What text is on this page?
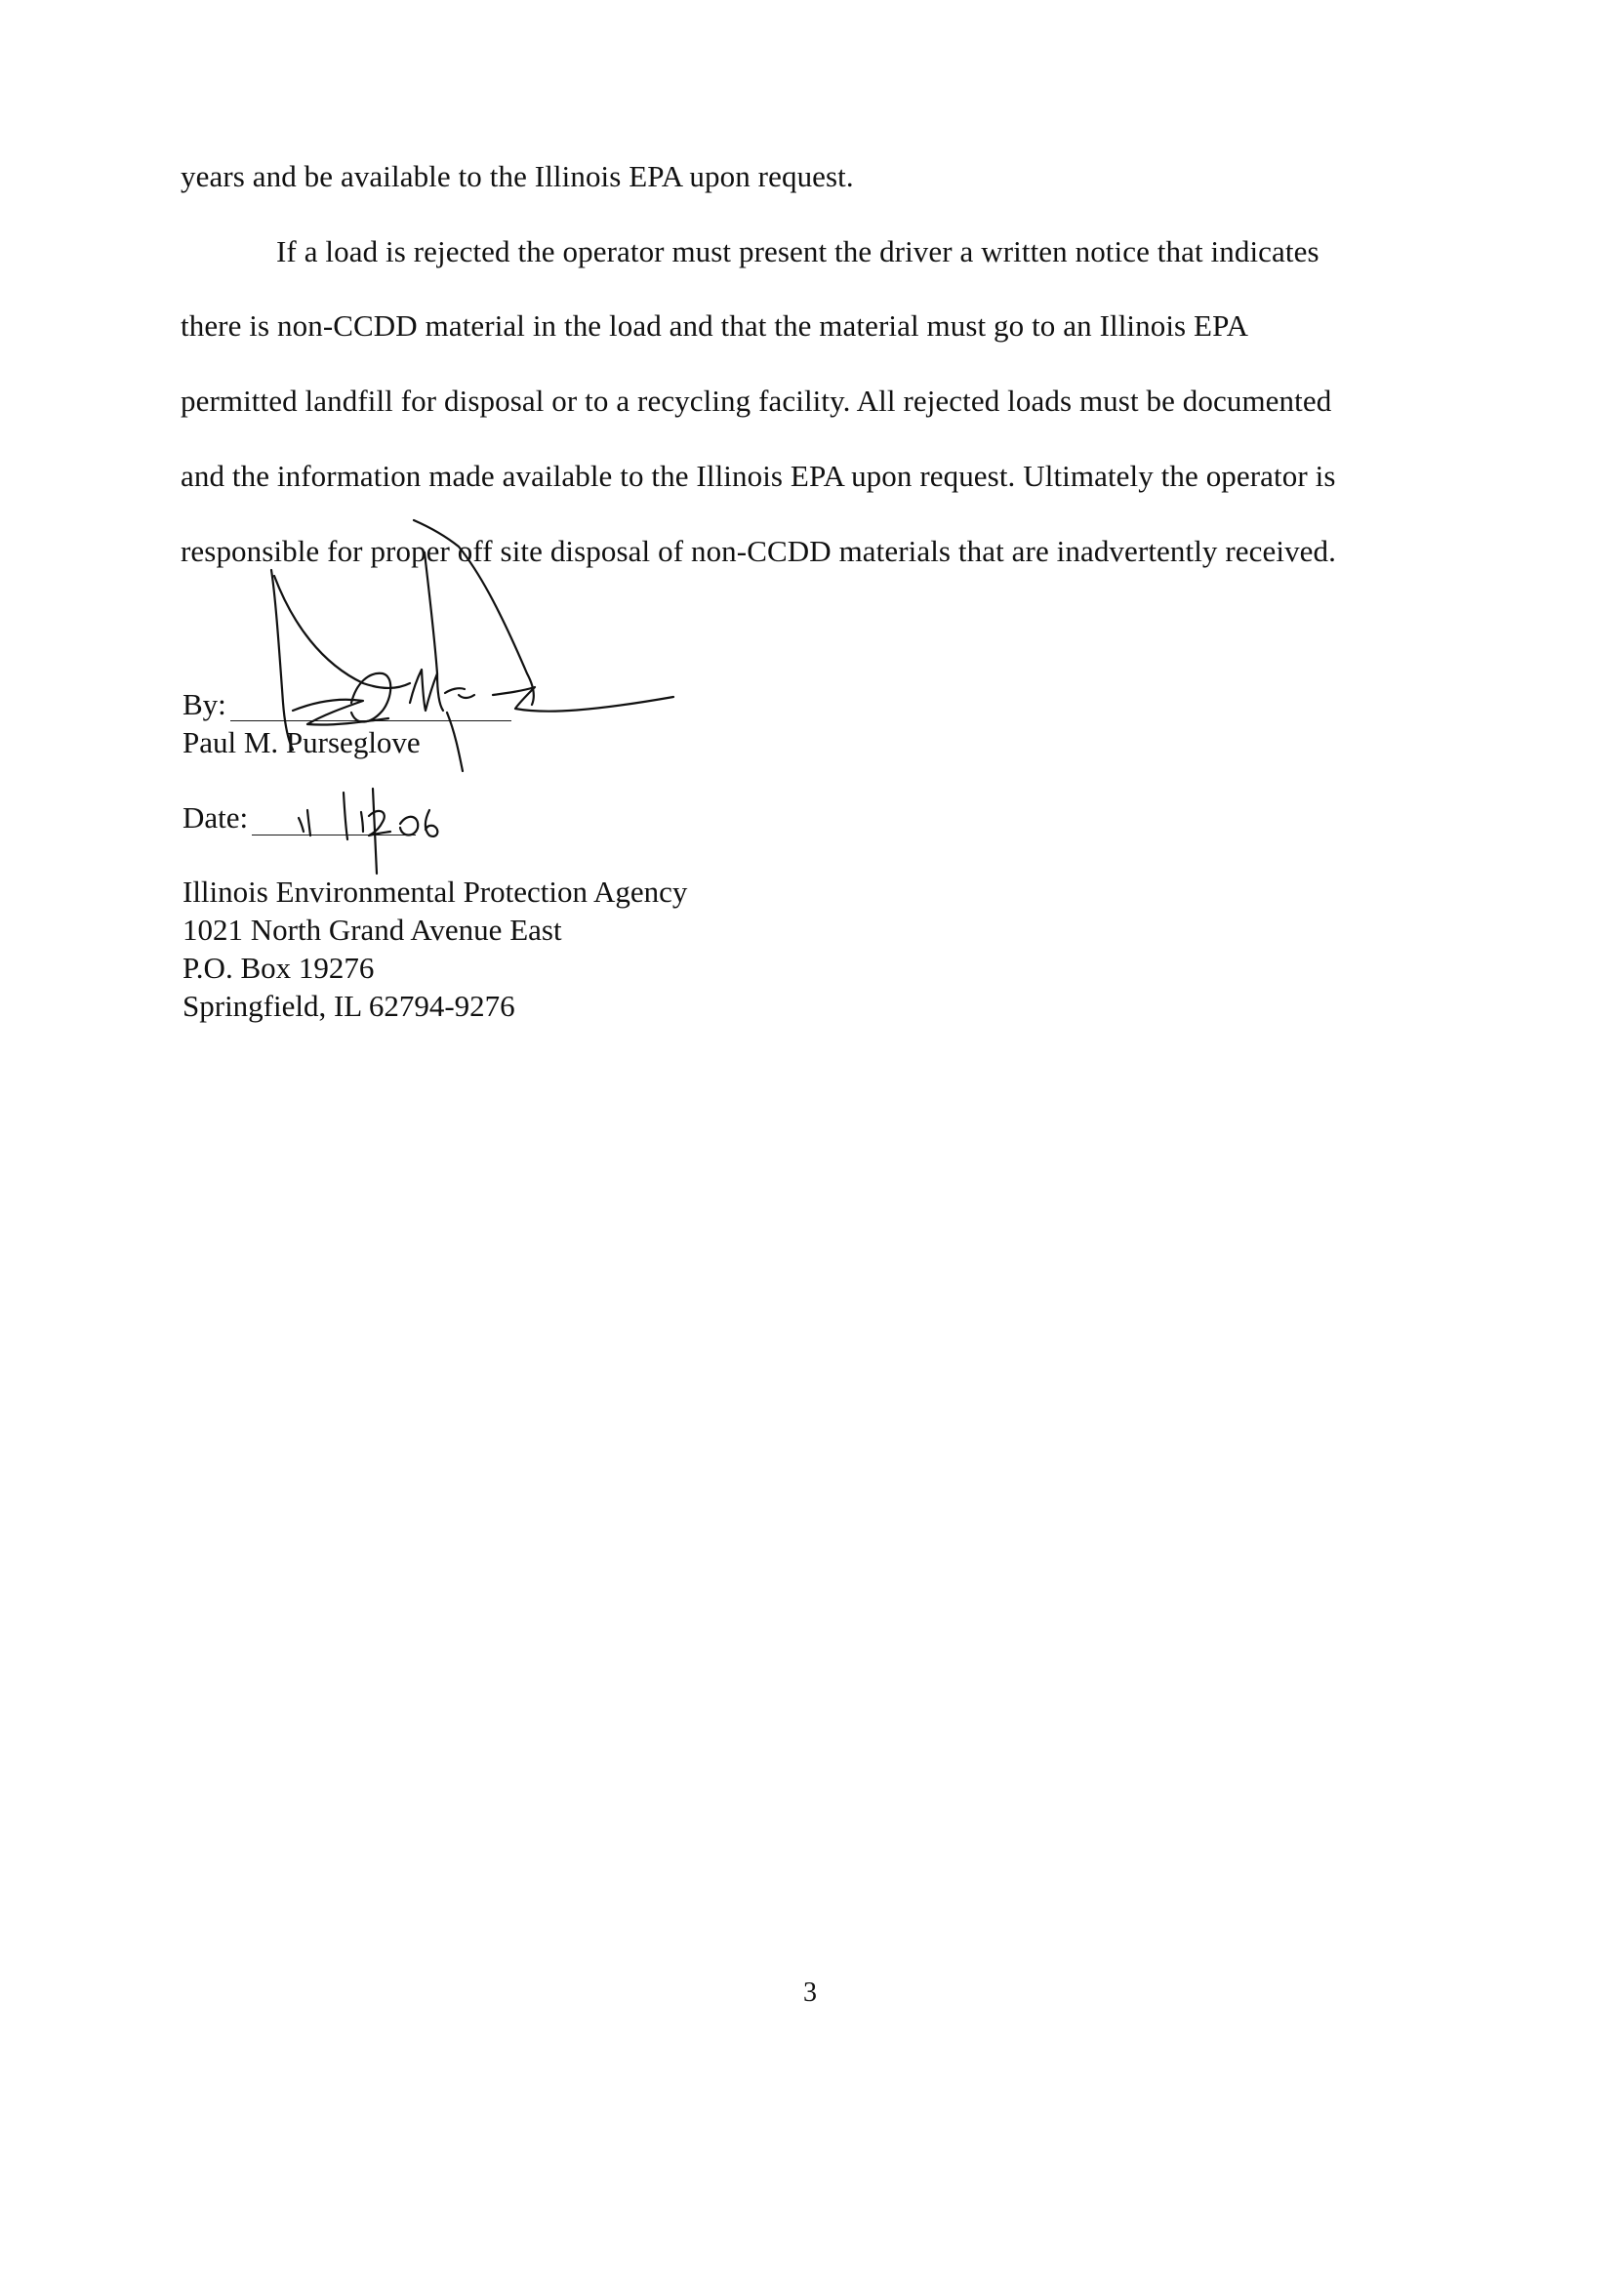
years and be available to the Illinois EPA upon request.
If a load is rejected the operator must present the driver a written notice that indicates
there is non-CCDD material in the load and that the material must go to an Illinois EPA
permitted landfill for disposal or to a recycling facility. All rejected loads must be documented
and the information made available to the Illinois EPA upon request. Ultimately the operator is
responsible for proper off site disposal of non-CCDD materials that are inadvertently received.
By:
Paul M. Purseglove
Date:
Illinois Environmental Protection Agency
1021 North Grand Avenue East
P.O. Box 19276
Springfield, IL 62794-9276
3
